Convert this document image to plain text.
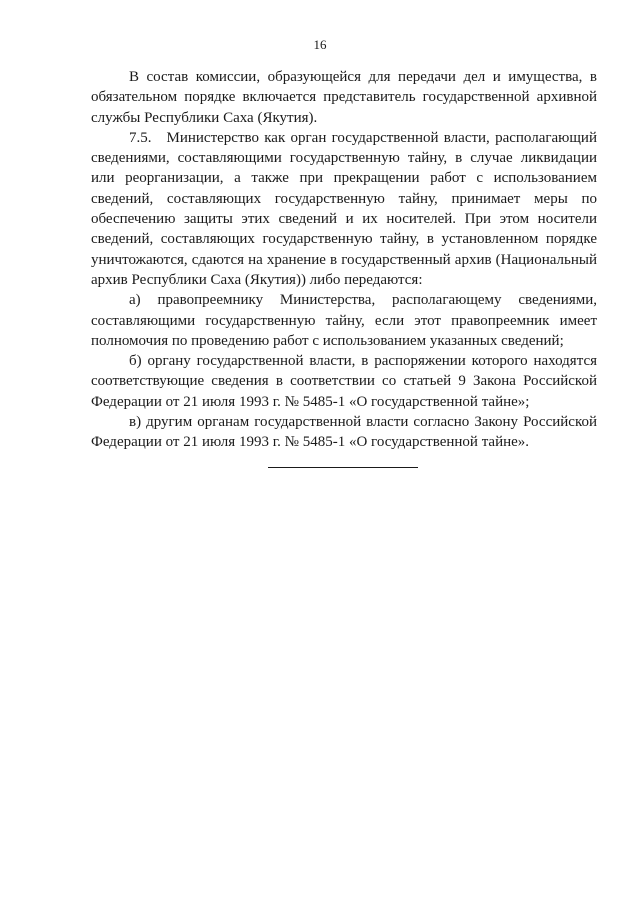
16

В состав комиссии, образующейся для передачи дел и имущества, в обязательном порядке включается представитель государственной архивной службы Республики Саха (Якутия).

7.5. Министерство как орган государственной власти, располагающий сведениями, составляющими государственную тайну, в случае ликвидации или реорганизации, а также при прекращении работ с использованием сведений, составляющих государственную тайну, принимает меры по обеспечению защиты этих сведений и их носителей. При этом носители сведений, составляющих государственную тайну, в установленном порядке уничтожаются, сдаются на хранение в государственный архив (Национальный архив Республики Саха (Якутия)) либо передаются:

а) правопреемнику Министерства, располагающему сведениями, составляющими государственную тайну, если этот правопреемник имеет полномочия по проведению работ с использованием указанных сведений;

б) органу государственной власти, в распоряжении которого находятся соответствующие сведения в соответствии со статьей 9 Закона Российской Федерации от 21 июля 1993 г. № 5485-1 «О государственной тайне»;

в) другим органам государственной власти согласно Закону Российской Федерации от 21 июля 1993 г. № 5485-1 «О государственной тайне».
